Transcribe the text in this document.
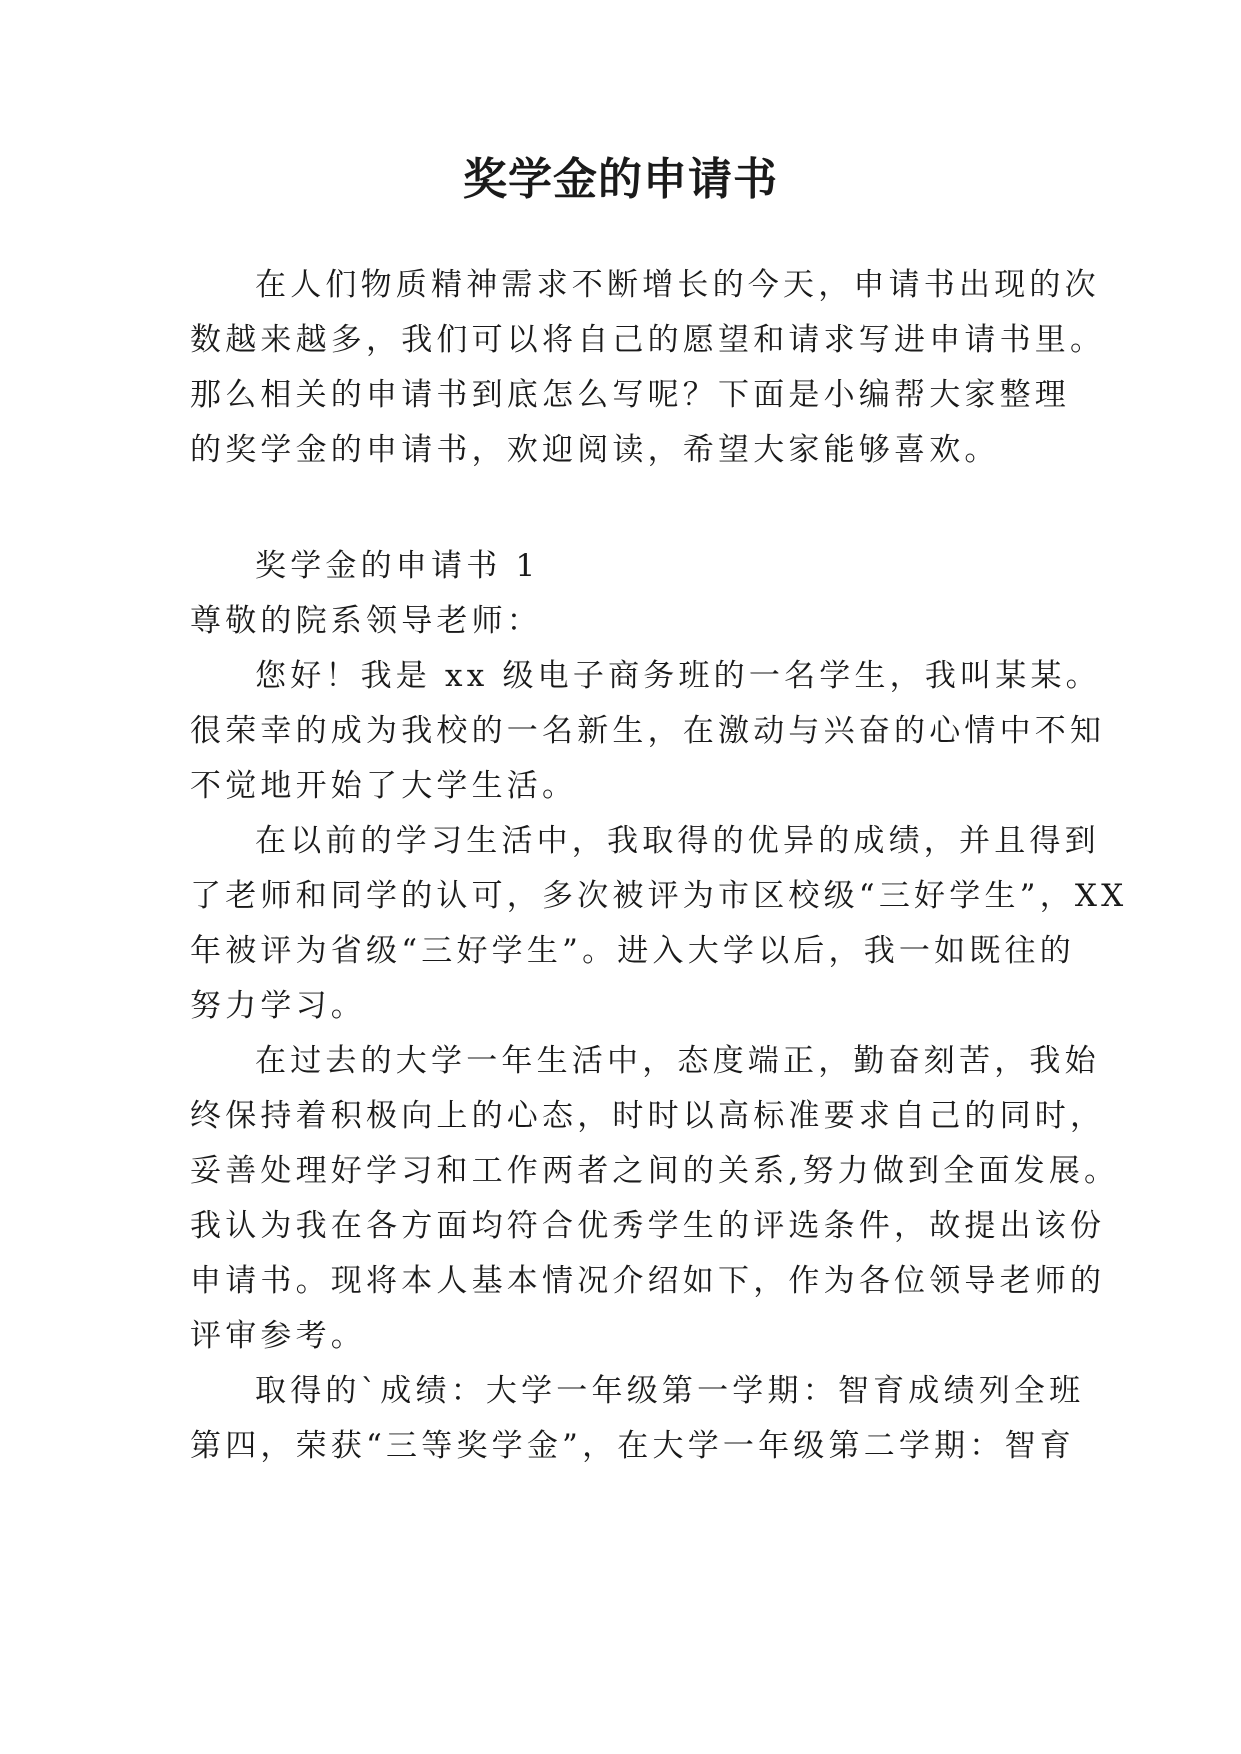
奖学金的申请书
在人们物质精神需求不断增长的今天，申请书出现的次
数越来越多，我们可以将自己的愿望和请求写进申请书里。
那么相关的申请书到底怎么写呢？下面是小编帮大家整理
的奖学金的申请书，欢迎阅读，希望大家能够喜欢。
奖学金的申请书 1
尊敬的院系领导老师：
您好！我是 xx 级电子商务班的一名学生，我叫某某。
很荣幸的成为我校的一名新生，在激动与兴奋的心情中不知
不觉地开始了大学生活。
在以前的学习生活中，我取得的优异的成绩，并且得到
了老师和同学的认可，多次被评为市区校级“三好学生”，XX
年被评为省级“三好学生”。进入大学以后，我一如既往的
努力学习。
在过去的大学一年生活中，态度端正，勤奋刻苦，我始
终保持着积极向上的心态，时时以高标准要求自己的同时，
妥善处理好学习和工作两者之间的关系,努力做到全面发展。
我认为我在各方面均符合优秀学生的评选条件，故提出该份
申请书。现将本人基本情况介绍如下，作为各位领导老师的
评审参考。
取得的`成绩：大学一年级第一学期：智育成绩列全班
第四，荣获“三等奖学金”，在大学一年级第二学期：智育
